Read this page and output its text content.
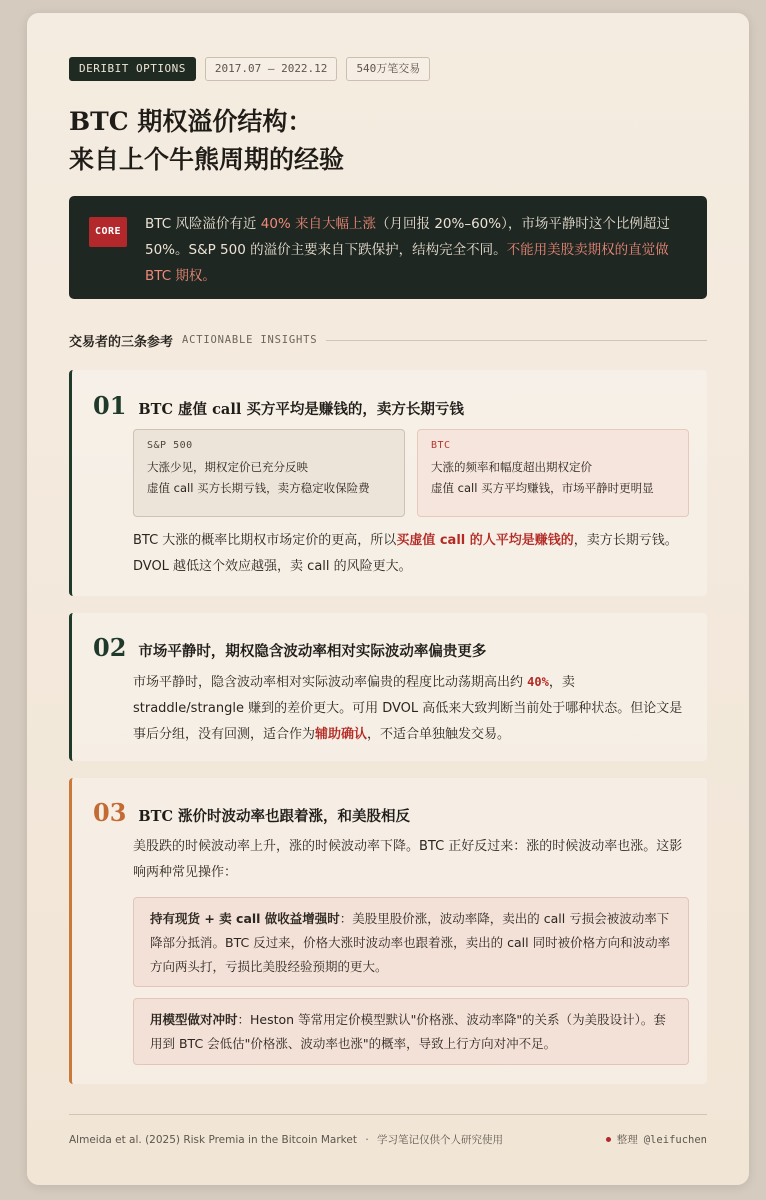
DERIBIT OPTIONS	2017.07 – 2022.12	540万笔交易
BTC 期权溢价结构：
来自上个牛熊周期的经验
CORE	BTC 风险溢价有近 40% 来自大幅上涨（月回报 20%–60%），市场平静时这个比例超过 50%。S&P 500 的溢价主要来自下跌保护，结构完全不同。不能用美股卖期权的直觉做 BTC 期权。
交易者的三条参考 ACTIONABLE INSIGHTS
01 BTC 虚值 call 买方平均是赚钱的，卖方长期亏钱
S&P 500
大涨少见，期权定价已充分反映
虚值 call 买方长期亏钱，卖方稳定收保险费
BTC
大涨的频率和幅度超出期权定价
虚值 call 买方平均赚钱，市场平静时更明显
BTC 大涨的概率比期权市场定价的更高，所以买虚值 call 的人平均是赚钱的，卖方长期亏钱。DVOL 越低这个效应越强，卖 call 的风险更大。
02 市场平静时，期权隐含波动率相对实际波动率偏贵更多
市场平静时，隐含波动率相对实际波动率偏贵的程度比动荡期高出约 40%，卖 straddle/strangle 赚到的差价更大。可用 DVOL 高低来大致判断当前处于哪种状态。但论文是事后分组，没有回测，适合作为辅助确认，不适合单独触发交易。
03 BTC 涨价时波动率也跟着涨，和美股相反
美股跌的时候波动率上升，涨的时候波动率下降。BTC 正好反过来：涨的时候波动率也涨。这影响两种常见操作：
持有现货 + 卖 call 做收益增强时：美股里股价涨，波动率降，卖出的 call 亏损会被波动率下降部分抵消。BTC 反过来，价格大涨时波动率也跟着涨，卖出的 call 同时被价格方向和波动率方向两头打，亏损比美股经验预期的更大。
用模型做对冲时：Heston 等常用定价模型默认"价格涨、波动率降"的关系（为美股设计）。套用到 BTC 会低估"价格涨、波动率也涨"的概率，导致上行方向对冲不足。
Almeida et al. (2025) Risk Premia in the Bitcoin Market · 学习笔记仅供个人研究使用	整理 @leifuchen
